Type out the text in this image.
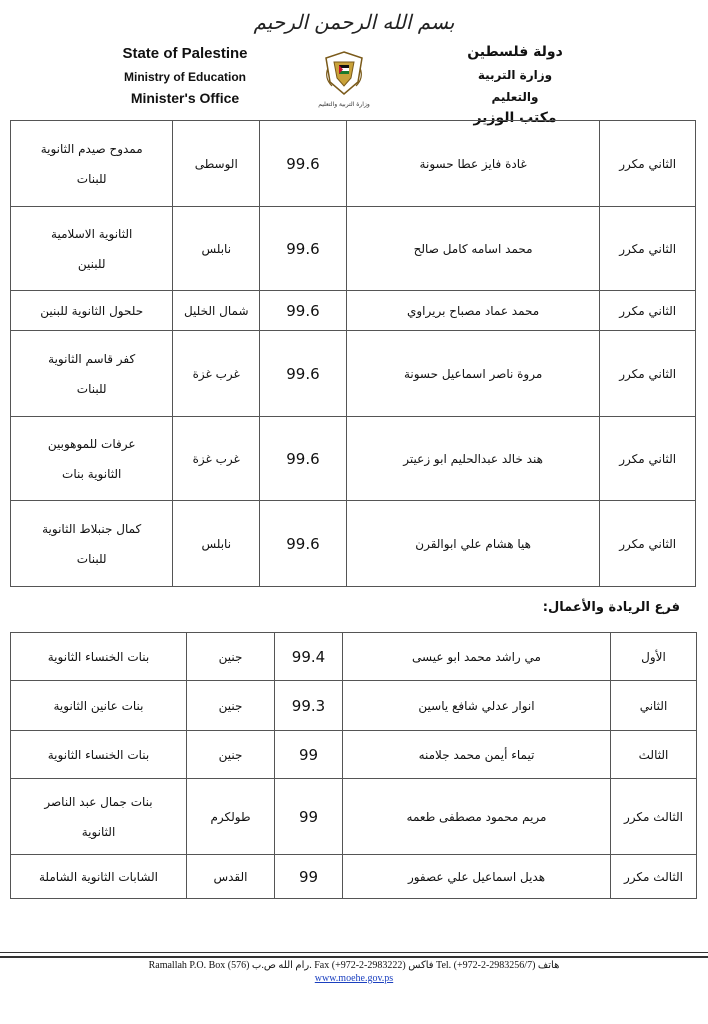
بسم الله الرحمن الرحيم
State of Palestine
Ministry of Education
Minister's Office	وزارة التربية والتعليم
دولة فلسطين
وزارة التربية والتعليم
مكتب الوزير
الثاني مكرر	غادة فايز عطا حسونة	99.6	الوسطى	ممدوح صيدم الثانوية
للبنات

الثاني مكرر	محمد اسامه كامل صالح	99.6	نابلس	الثانوية الاسلامية
للبنين

الثاني مكرر	محمد عماد مصباح بريراوي	99.6	شمال الخليل	حلحول الثانوية للبنين

الثاني مكرر	مروة ناصر اسماعيل حسونة	99.6	غرب غزة	كفر قاسم الثانوية
للبنات

الثاني مكرر	هند خالد عبدالحليم ابو زعيتر	99.6	غرب غزة	عرفات للموهوبين
الثانوية بنات

الثاني مكرر	هيا هشام علي ابوالقرن	99.6	نابلس	كمال جنبلاط الثانوية
للبنات
فرع الريادة والأعمال:
الأول	مي راشد محمد ابو عيسى	99.4	جنين	بنات الخنساء الثانوية

الثاني	انوار عدلي شافع ياسين	99.3	جنين	بنات عانين الثانوية

الثالث	تيماء أيمن محمد جلامنه	99	جنين	بنات الخنساء الثانوية

الثالث مكرر	مريم محمود مصطفى طعمه	99	طولكرم	بنات جمال عبد الناصر
الثانوية

الثالث مكرر	هديل اسماعيل علي عصفور	99	القدس	الشابات الثانوية الشاملة
Ramallah P.O. Box (576) رام الله ص.ب. Fax (+972-2-2983222) فاكس Tel. (+972-2-2983256/7) هاتف
www.moehe.gov.ps
